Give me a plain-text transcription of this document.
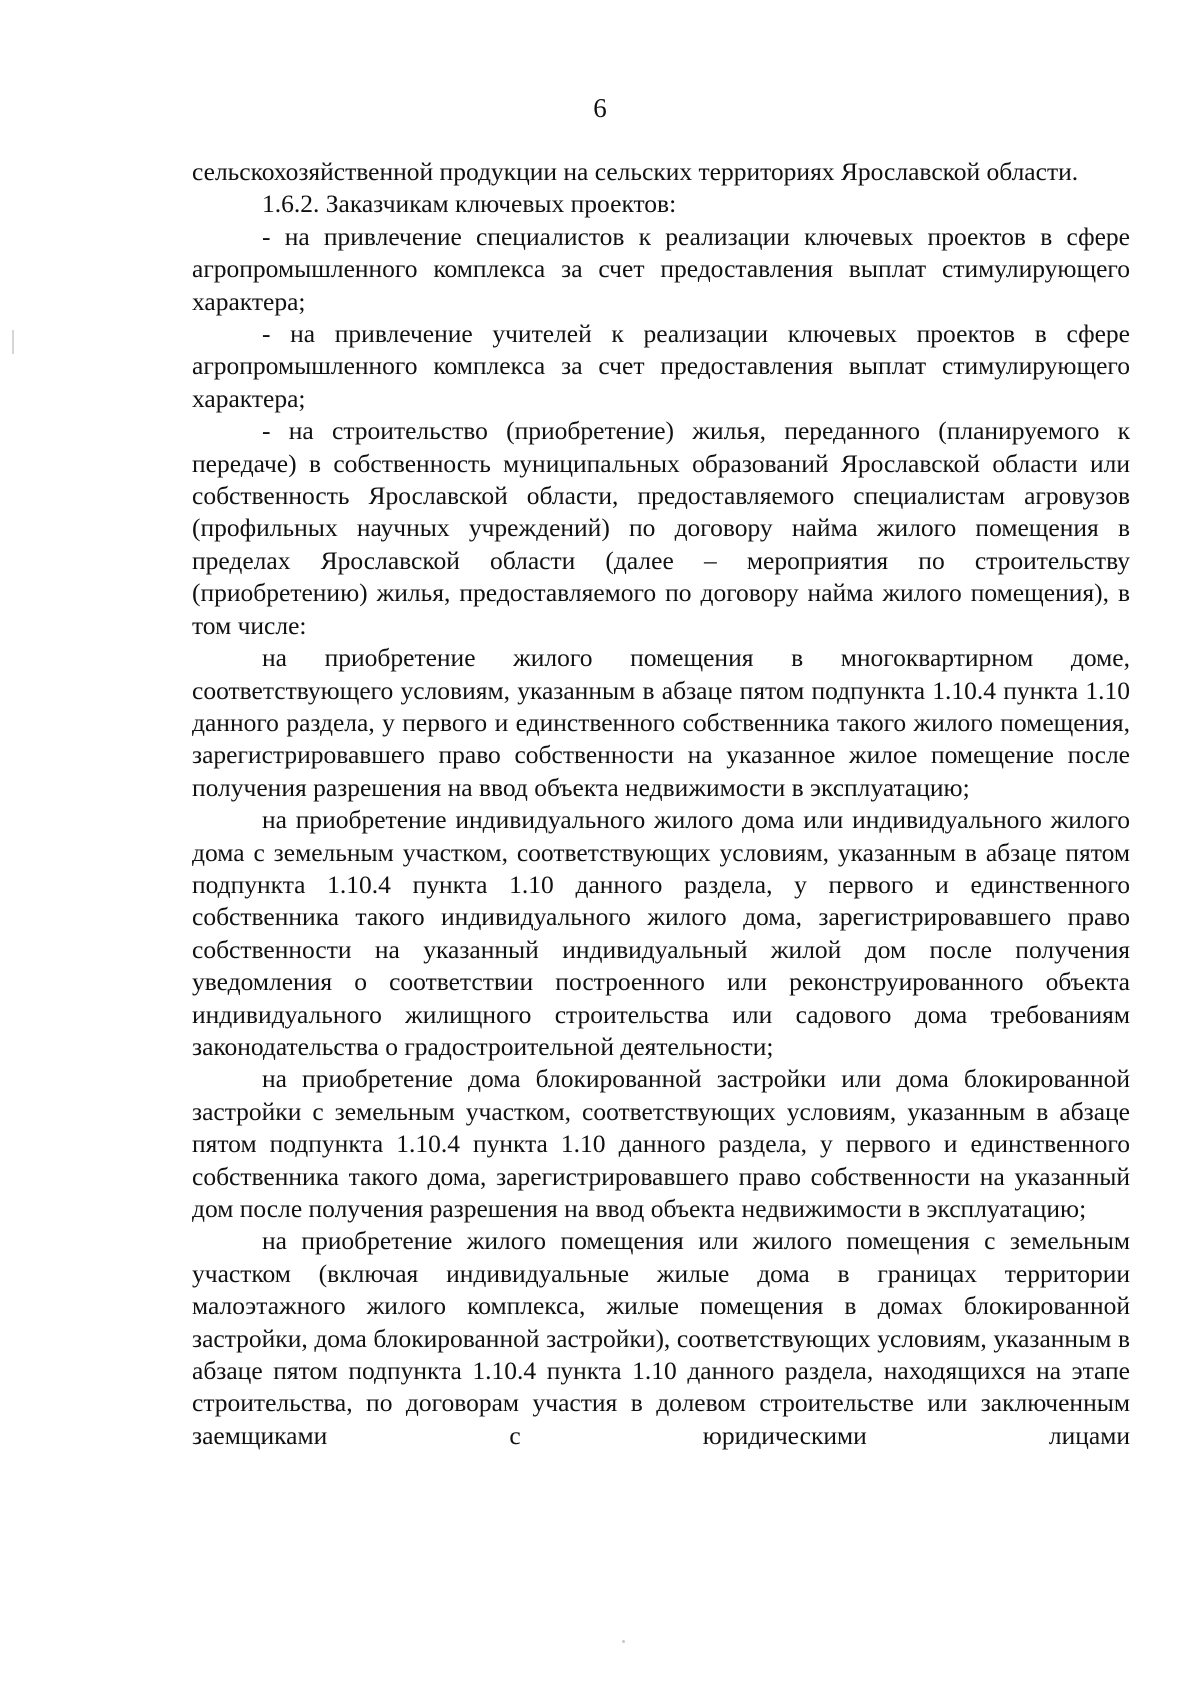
6

сельскохозяйственной продукции на сельских территориях Ярославской области.

1.6.2. Заказчикам ключевых проектов:

- на привлечение специалистов к реализации ключевых проектов в сфере агропромышленного комплекса за счет предоставления выплат стимулирующего характера;

- на привлечение учителей к реализации ключевых проектов в сфере агропромышленного комплекса за счет предоставления выплат стимулирующего характера;

- на строительство (приобретение) жилья, переданного (планируемого к передаче) в собственность муниципальных образований Ярославской области или собственность Ярославской области, предоставляемого специалистам агровузов (профильных научных учреждений) по договору найма жилого помещения в пределах Ярославской области (далее – мероприятия по строительству (приобретению) жилья, предоставляемого по договору найма жилого помещения), в том числе:

на приобретение жилого помещения в многоквартирном доме, соответствующего условиям, указанным в абзаце пятом подпункта 1.10.4 пункта 1.10 данного раздела, у первого и единственного собственника такого жилого помещения, зарегистрировавшего право собственности на указанное жилое помещение после получения разрешения на ввод объекта недвижимости в эксплуатацию;

на приобретение индивидуального жилого дома или индивидуального жилого дома с земельным участком, соответствующих условиям, указанным в абзаце пятом подпункта 1.10.4 пункта 1.10 данного раздела, у первого и единственного собственника такого индивидуального жилого дома, зарегистрировавшего право собственности на указанный индивидуальный жилой дом после получения уведомления о соответствии построенного или реконструированного объекта индивидуального жилищного строительства или садового дома требованиям законодательства о градостроительной деятельности;

на приобретение дома блокированной застройки или дома блокированной застройки с земельным участком, соответствующих условиям, указанным в абзаце пятом подпункта 1.10.4 пункта 1.10 данного раздела, у первого и единственного собственника такого дома, зарегистрировавшего право собственности на указанный дом после получения разрешения на ввод объекта недвижимости в эксплуатацию;

на приобретение жилого помещения или жилого помещения с земельным участком (включая индивидуальные жилые дома в границах территории малоэтажного жилого комплекса, жилые помещения в домах блокированной застройки, дома блокированной застройки), соответствующих условиям, указанным в абзаце пятом подпункта 1.10.4 пункта 1.10 данного раздела, находящихся на этапе строительства, по договорам участия в долевом строительстве или заключенным заемщиками с юридическими лицами
